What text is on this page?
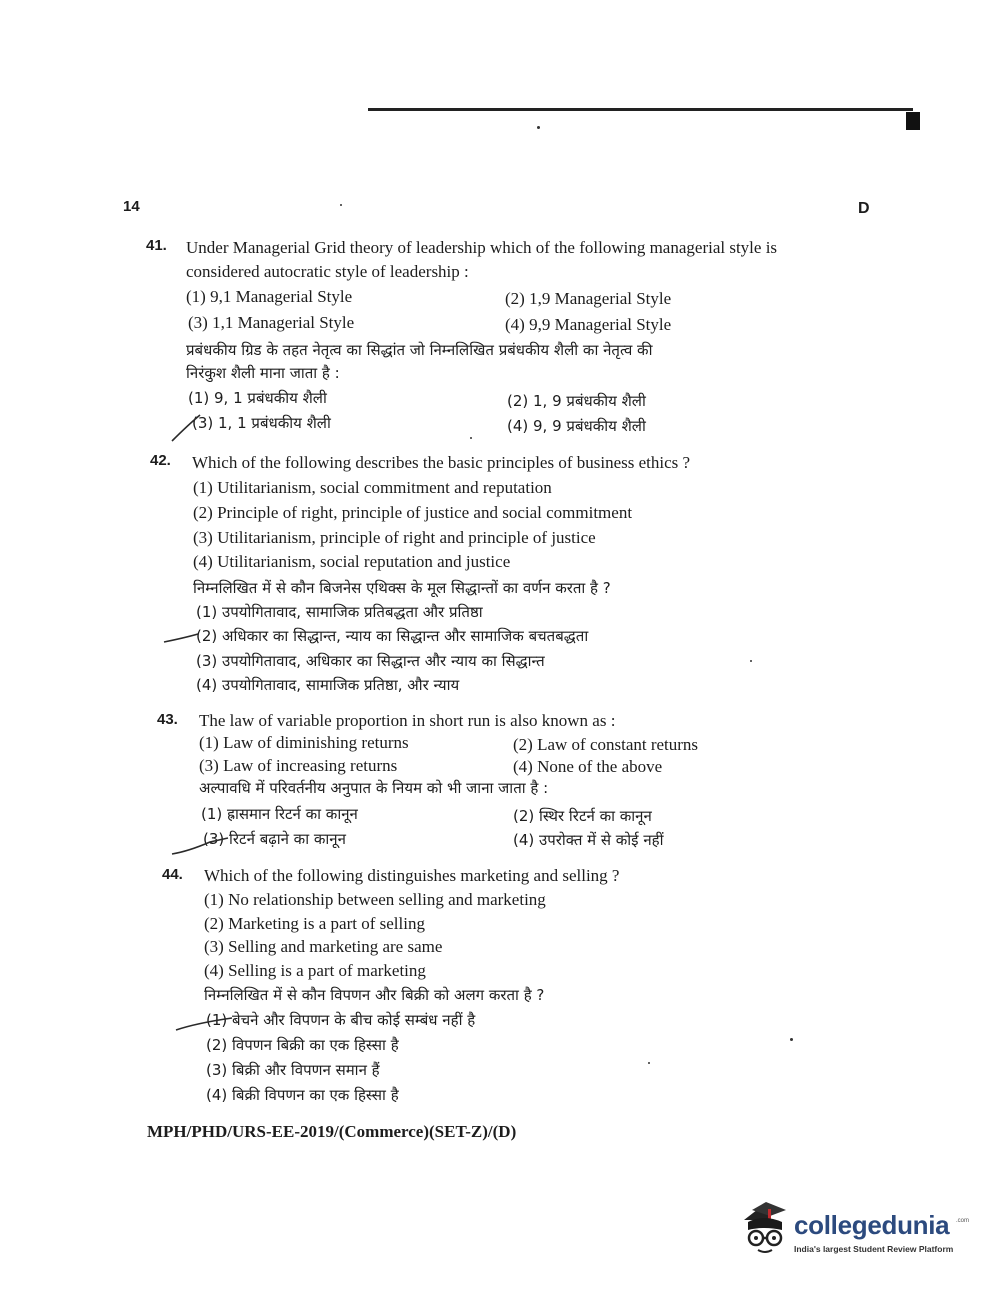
14	D
41. Under Managerial Grid theory of leadership which of the following managerial style is
considered autocratic style of leadership :
(1) 9,1 Managerial Style	(2) 1,9 Managerial Style
(3) 1,1 Managerial Style	(4) 9,9 Managerial Style
प्रबंधकीय ग्रिड के तहत नेतृत्व का सिद्धांत जो निम्नलिखित प्रबंधकीय शैली का नेतृत्व की
निरंकुश शैली माना जाता है :
(1) 9, 1 प्रबंधकीय शैली	(2) 1, 9 प्रबंधकीय शैली
(3) 1, 1 प्रबंधकीय शैली	(4) 9, 9 प्रबंधकीय शैली
42. Which of the following describes the basic principles of business ethics ?
(1) Utilitarianism, social commitment and reputation
(2) Principle of right, principle of justice and social commitment
(3) Utilitarianism, principle of right and principle of justice
(4) Utilitarianism, social reputation and justice
निम्नलिखित में से कौन बिजनेस एथिक्स के मूल सिद्धान्तों का वर्णन करता है ?
(1) उपयोगितावाद, सामाजिक प्रतिबद्धता और प्रतिष्ठा
(2) अधिकार का सिद्धान्त, न्याय का सिद्धान्त और सामाजिक बचतबद्धता
(3) उपयोगितावाद, अधिकार का सिद्धान्त और न्याय का सिद्धान्त
(4) उपयोगितावाद, सामाजिक प्रतिष्ठा, और न्याय
43. The law of variable proportion in short run is also known as :
(1) Law of diminishing returns	(2) Law of constant returns
(3) Law of increasing returns	(4) None of the above
अल्पावधि में परिवर्तनीय अनुपात के नियम को भी जाना जाता है :
(1) ह्रासमान रिटर्न का कानून	(2) स्थिर रिटर्न का कानून
(3) रिटर्न बढ़ाने का कानून	(4) उपरोक्त में से कोई नहीं
44. Which of the following distinguishes marketing and selling ?
(1) No relationship between selling and marketing
(2) Marketing is a part of selling
(3) Selling and marketing are same
(4) Selling is a part of marketing
निम्नलिखित में से कौन विपणन और बिक्री को अलग करता है ?
(1) बेचने और विपणन के बीच कोई सम्बंध नहीं है
(2) विपणन बिक्री का एक हिस्सा है
(3) बिक्री और विपणन समान हैं
(4) बिक्री विपणन का एक हिस्सा है
MPH/PHD/URS-EE-2019/(Commerce)(SET-Z)/(D)
collegedunia .com
India's largest Student Review Platform
